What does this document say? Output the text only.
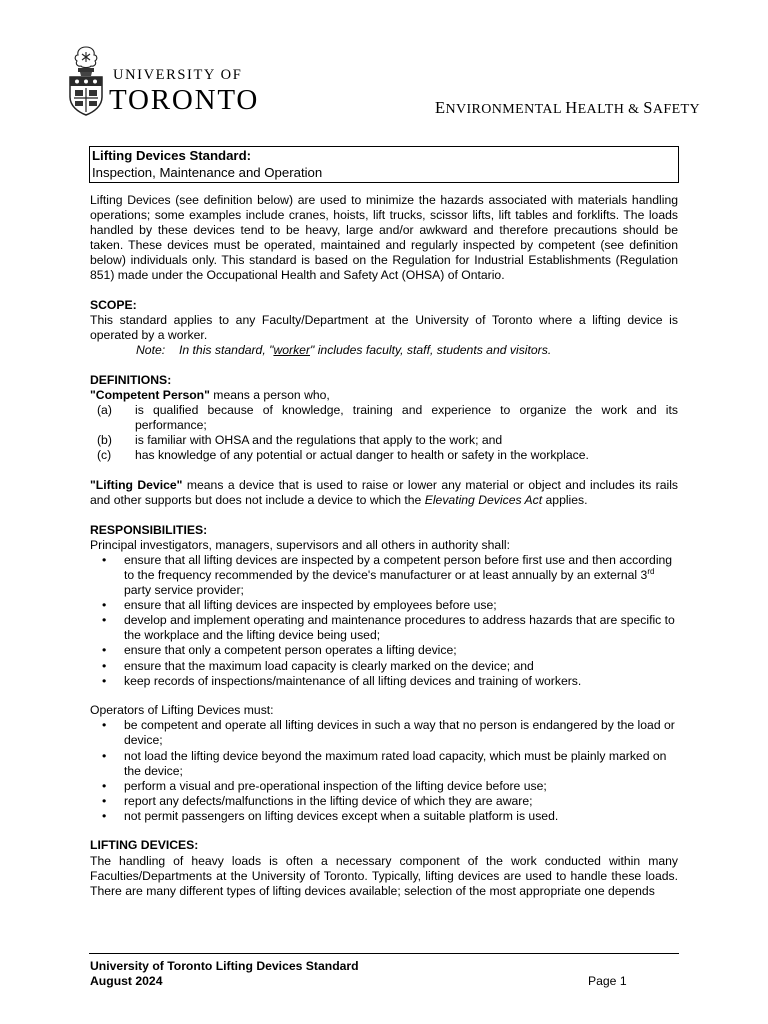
UNIVERSITY OF
TORONTO	ENVIRONMENTAL HEALTH & SAFETY
Lifting Devices Standard:
Inspection, Maintenance and Operation

Lifting Devices (see definition below) are used to minimize the hazards associated with materials handling operations; some examples include cranes, hoists, lift trucks, scissor lifts, lift tables and forklifts. The loads handled by these devices tend to be heavy, large and/or awkward and therefore precautions should be taken. These devices must be operated, maintained and regularly inspected by competent (see definition below) individuals only. This standard is based on the Regulation for Industrial Establishments (Regulation 851) made under the Occupational Health and Safety Act (OHSA) of Ontario.

SCOPE:

This standard applies to any Faculty/Department at the University of Toronto where a lifting device is operated by a worker.

Note: In this standard, "worker" includes faculty, staff, students and visitors.

DEFINITIONS:

"Competent Person" means a person who,

(a) is qualified because of knowledge, training and experience to organize the work and its performance;
(b) is familiar with OHSA and the regulations that apply to the work; and
(c) has knowledge of any potential or actual danger to health or safety in the workplace.

"Lifting Device" means a device that is used to raise or lower any material or object and includes its rails and other supports but does not include a device to which the Elevating Devices Act applies.

RESPONSIBILITIES:

Principal investigators, managers, supervisors and all others in authority shall:

• ensure that all lifting devices are inspected by a competent person before first use and then according to the frequency recommended by the device's manufacturer or at least annually by an external 3rd party service provider;
• ensure that all lifting devices are inspected by employees before use;
• develop and implement operating and maintenance procedures to address hazards that are specific to the workplace and the lifting device being used;
• ensure that only a competent person operates a lifting device;
• ensure that the maximum load capacity is clearly marked on the device; and
• keep records of inspections/maintenance of all lifting devices and training of workers.

Operators of Lifting Devices must:

• be competent and operate all lifting devices in such a way that no person is endangered by the load or device;
• not load the lifting device beyond the maximum rated load capacity, which must be plainly marked on the device;
• perform a visual and pre-operational inspection of the lifting device before use;
• report any defects/malfunctions in the lifting device of which they are aware;
• not permit passengers on lifting devices except when a suitable platform is used.

LIFTING DEVICES:

The handling of heavy loads is often a necessary component of the work conducted within many Faculties/Departments at the University of Toronto. Typically, lifting devices are used to handle these loads. There are many different types of lifting devices available; selection of the most appropriate one depends

University of Toronto Lifting Devices Standard
August 2024	Page 1
